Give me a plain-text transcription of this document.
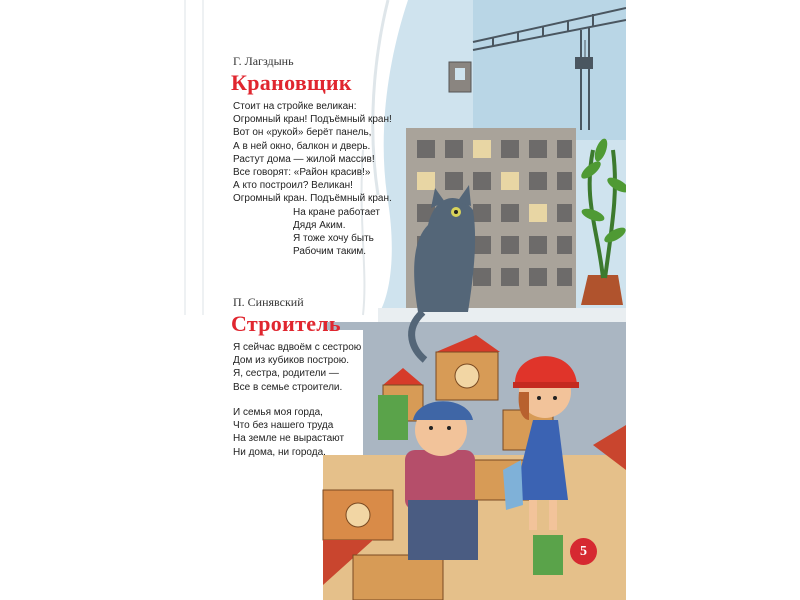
Г. Лагздынь
Крановщик
Стоит на стройке великан:
Огромный кран! Подъёмный кран!
Вот он «рукой» берёт панель,
А в ней окно, балкон и дверь.
Растут дома — жилой массив!
Все говорят: «Район красив!»
А кто построил? Великан!
Огромный кран. Подъёмный кран.
На кране работает
Дядя Аким.
Я тоже хочу быть
Рабочим таким.
П. Синявский
Строитель
Я сейчас вдвоём с сестрою
Дом из кубиков построю.
Я, сестра, родители —
Все в семье строители.
И семья моя горда,
Что без нашего труда
На земле не вырастают
Ни дома, ни города.
5
